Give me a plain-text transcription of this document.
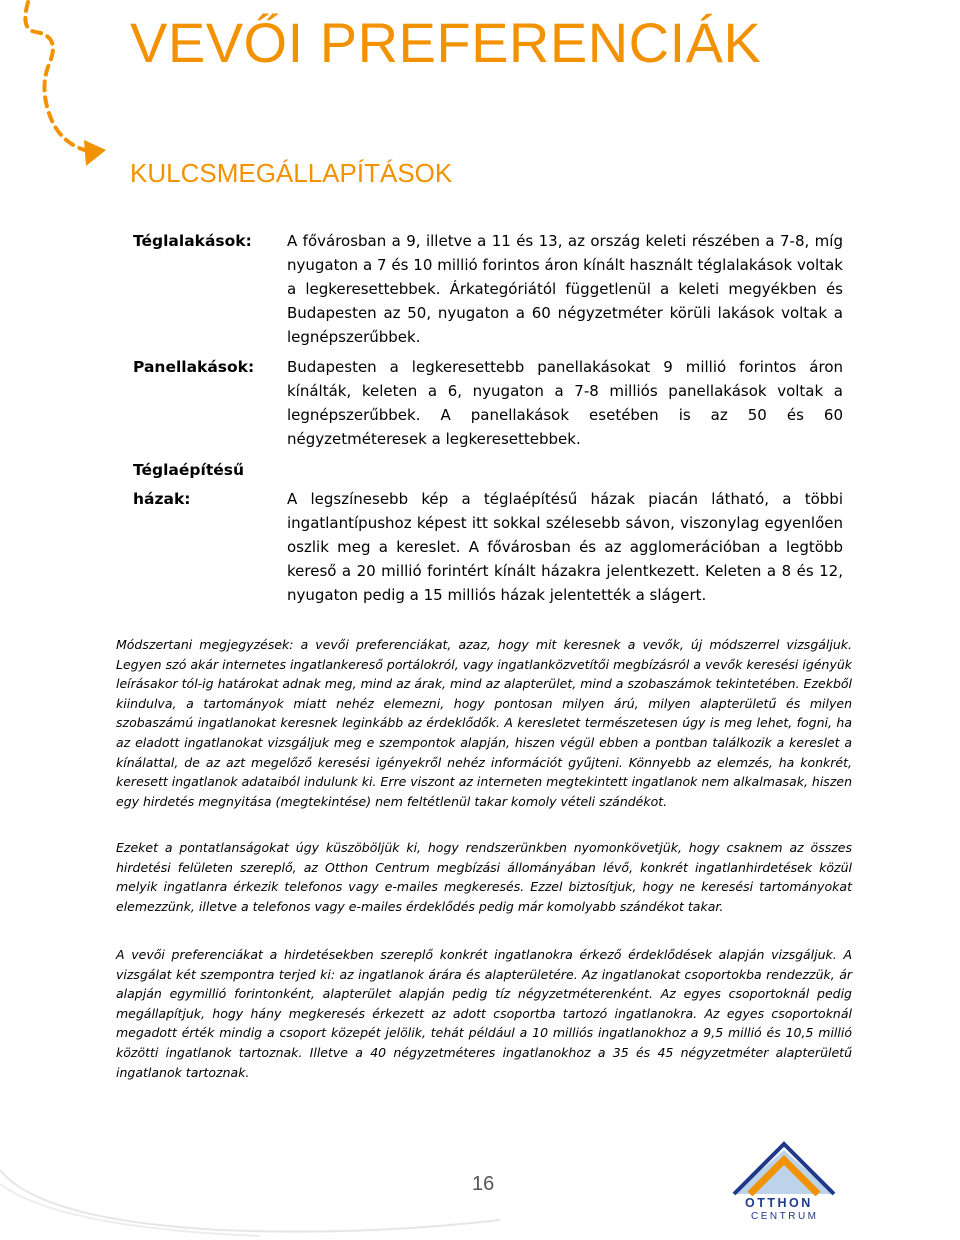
VEVŐI PREFERENCIÁK
KULCSMEGÁLLAPÍTÁSOK
Téglalakások: A fővárosban a 9, illetve a 11 és 13, az ország keleti részében a 7-8, míg nyugaton a 7 és 10 millió forintos áron kínált használt téglalakások voltak a legkeresettebbek. Árkategóriától függetlenül a keleti megyékben és Budapesten az 50, nyugaton a 60 négyzetméter körüli lakások voltak a legnépszerűbbek.
Panellakások: Budapesten a legkeresettebb panellakásokat 9 millió forintos áron kínálták, keleten a 6, nyugaton a 7-8 milliós panellakások voltak a legnépszerűbbek. A panellakások esetében is az 50 és 60 négyzetméteresek a legkeresettebbek.
Téglaépítésű
házak:	A legszínesebb kép a téglaépítésű házak piacán látható, a többi ingatlantípushoz képest itt sokkal szélesebb sávon, viszonylag egyenlően oszlik meg a kereslet. A fővárosban és az agglomerációban a legtöbb kereső a 20 millió forintért kínált házakra jelentkezett. Keleten a 8 és 12, nyugaton pedig a 15 milliós házak jelentették a slágert.
Módszertani megjegyzések: a vevői preferenciákat, azaz, hogy mit keresnek a vevők, új módszerrel vizsgáljuk. Legyen szó akár internetes ingatlankereső portálokról, vagy ingatlanközvetítői megbízásról a vevők keresési igényük leírásakor tól-ig határokat adnak meg, mind az árak, mind az alapterület, mind a szobaszámok tekintetében. Ezekből kiindulva, a tartományok miatt nehéz elemezni, hogy pontosan milyen árú, milyen alapterületű és milyen szobaszámú ingatlanokat keresnek leginkább az érdeklődők. A keresletet természetesen úgy is meg lehet, fogni, ha az eladott ingatlanokat vizsgáljuk meg e szempontok alapján, hiszen végül ebben a pontban találkozik a kereslet a kínálattal, de az azt megelőző keresési igényekről nehéz információt gyűjteni. Könnyebb az elemzés, ha konkrét, keresett ingatlanok adataiból indulunk ki. Erre viszont az interneten megtekintett ingatlanok nem alkalmasak, hiszen egy hirdetés megnyitása (megtekintése) nem feltétlenül takar komoly vételi szándékot.
Ezeket a pontatlanságokat úgy küszöböljük ki, hogy rendszerünkben nyomonkövetjük, hogy csaknem az összes hirdetési felületen szereplő, az Otthon Centrum megbízási állományában lévő, konkrét ingatlanhirdetések közül melyik ingatlanra érkezik telefonos vagy e-mailes megkeresés. Ezzel biztosítjuk, hogy ne keresési tartományokat elemezzünk, illetve a telefonos vagy e-mailes érdeklődés pedig már komolyabb szándékot takar.
A vevői preferenciákat a hirdetésekben szereplő konkrét ingatlanokra érkező érdeklődések alapján vizsgáljuk. A vizsgálat két szempontra terjed ki: az ingatlanok árára és alapterületére. Az ingatlanokat csoportokba rendezzük, ár alapján egymillió forintonként, alapterület alapján pedig tíz négyzetméterenként. Az egyes csoportoknál pedig megállapítjuk, hogy hány megkeresés érkezett az adott csoportba tartozó ingatlanokra. Az egyes csoportoknál megadott érték mindig a csoport közepét jelölik, tehát például a 10 milliós ingatlanokhoz a 9,5 millió és 10,5 millió közötti ingatlanok tartoznak. Illetve a 40 négyzetméteres ingatlanokhoz a 35 és 45 négyzetméter alapterületű ingatlanok tartoznak.
16
OTTHON
CENTRUM
